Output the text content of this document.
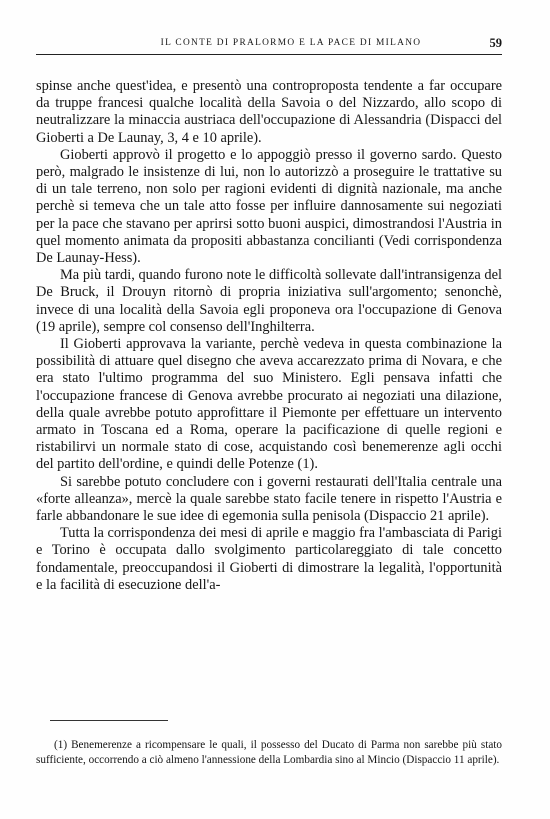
IL CONTE DI PRALORMO E LA PACE DI MILANO	59

spinse anche quest'idea, e presentò una controproposta tendente a far occupare da truppe francesi qualche località della Savoia o del Nizzardo, allo scopo di neutralizzare la minaccia austriaca dell'occupazione di Alessandria (Dispacci del Gioberti a De Launay, 3, 4 e 10 aprile).

Gioberti approvò il progetto e lo appoggiò presso il governo sardo. Questo però, malgrado le insistenze di lui, non lo autorizzò a proseguire le trattative su di un tale terreno, non solo per ragioni evidenti di dignità nazionale, ma anche perchè si temeva che un tale atto fosse per influire dannosamente sui negoziati per la pace che stavano per aprirsi sotto buoni auspici, dimostrandosi l'Austria in quel momento animata da propositi abbastanza concilianti (Vedi corrispondenza De Launay-Hess).

Ma più tardi, quando furono note le difficoltà sollevate dall'intransigenza del De Bruck, il Drouyn ritornò di propria iniziativa sull'argomento; senonchè, invece di una località della Savoia egli proponeva ora l'occupazione di Genova (19 aprile), sempre col consenso dell'Inghilterra.

Il Gioberti approvava la variante, perchè vedeva in questa combinazione la possibilità di attuare quel disegno che aveva accarezzato prima di Novara, e che era stato l'ultimo programma del suo Ministero. Egli pensava infatti che l'occupazione francese di Genova avrebbe procurato ai negoziati una dilazione, della quale avrebbe potuto approfittare il Piemonte per effettuare un intervento armato in Toscana ed a Roma, operare la pacificazione di quelle regioni e ristabilirvi un normale stato di cose, acquistando così benemerenze agli occhi del partito dell'ordine, e quindi delle Potenze (1).

Si sarebbe potuto concludere con i governi restaurati dell'Italia centrale una «forte alleanza», mercè la quale sarebbe stato facile tenere in rispetto l'Austria e farle abbandonare le sue idee di egemonia sulla penisola (Dispaccio 21 aprile).

Tutta la corrispondenza dei mesi di aprile e maggio fra l'ambasciata di Parigi e Torino è occupata dallo svolgimento particolareggiato di tale concetto fondamentale, preoccupandosi il Gioberti di dimostrare la legalità, l'opportunità e la facilità di esecuzione dell'a-

(1) Benemerenze a ricompensare le quali, il possesso del Ducato di Parma non sarebbe più stato sufficiente, occorrendo a ciò almeno l'annessione della Lombardia sino al Mincio (Dispaccio 11 aprile).
